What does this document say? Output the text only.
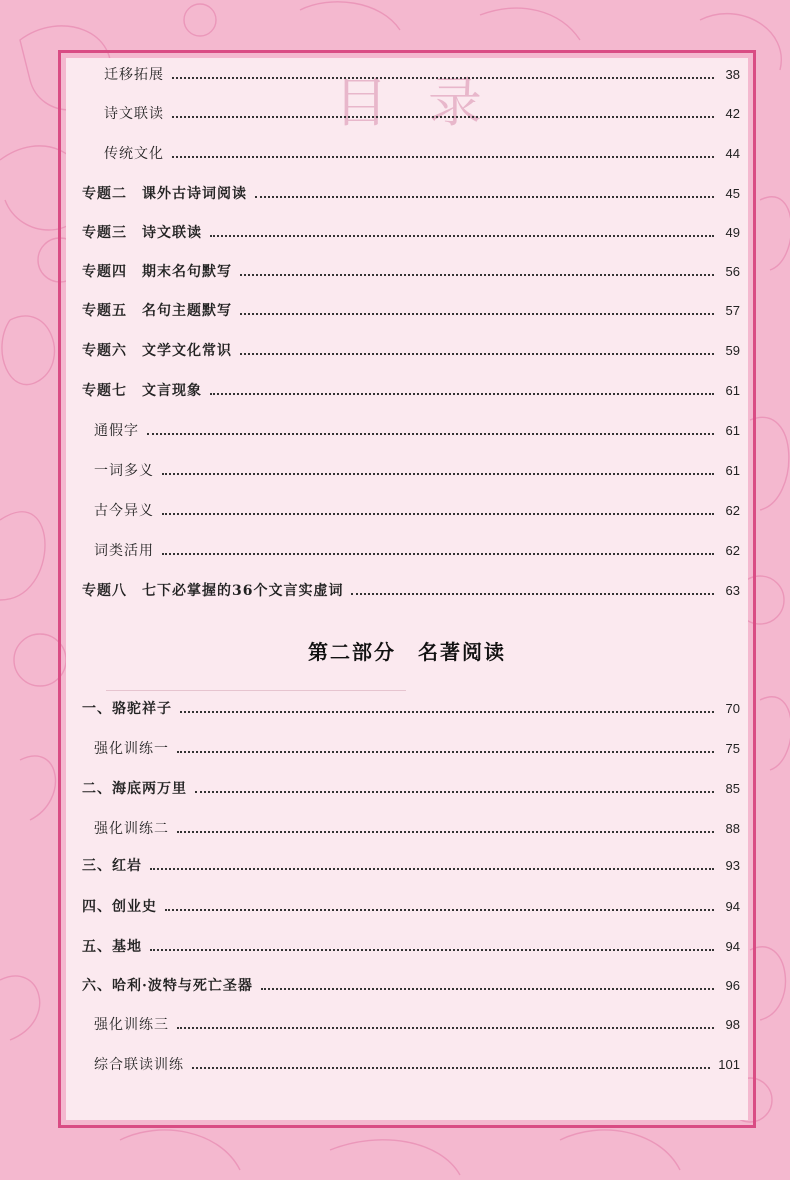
目录
迁移拓展	38
诗文联读	42
传统文化	44
专题二　课外古诗词阅读	45
专题三　诗文联读	49
专题四　期末名句默写	56
专题五　名句主题默写	57
专题六　文学文化常识	59
专题七　文言现象	61
通假字	61
一词多义	61
古今异义	62
词类活用	62
专题八　七下必掌握的36个文言实虚词	63
第二部分　名著阅读
一、骆驼祥子	70
强化训练一	75
二、海底两万里	85
强化训练二	88
三、红岩	93
四、创业史	94
五、基地	94
六、哈利·波特与死亡圣器	96
强化训练三	98
综合联读训练	101
